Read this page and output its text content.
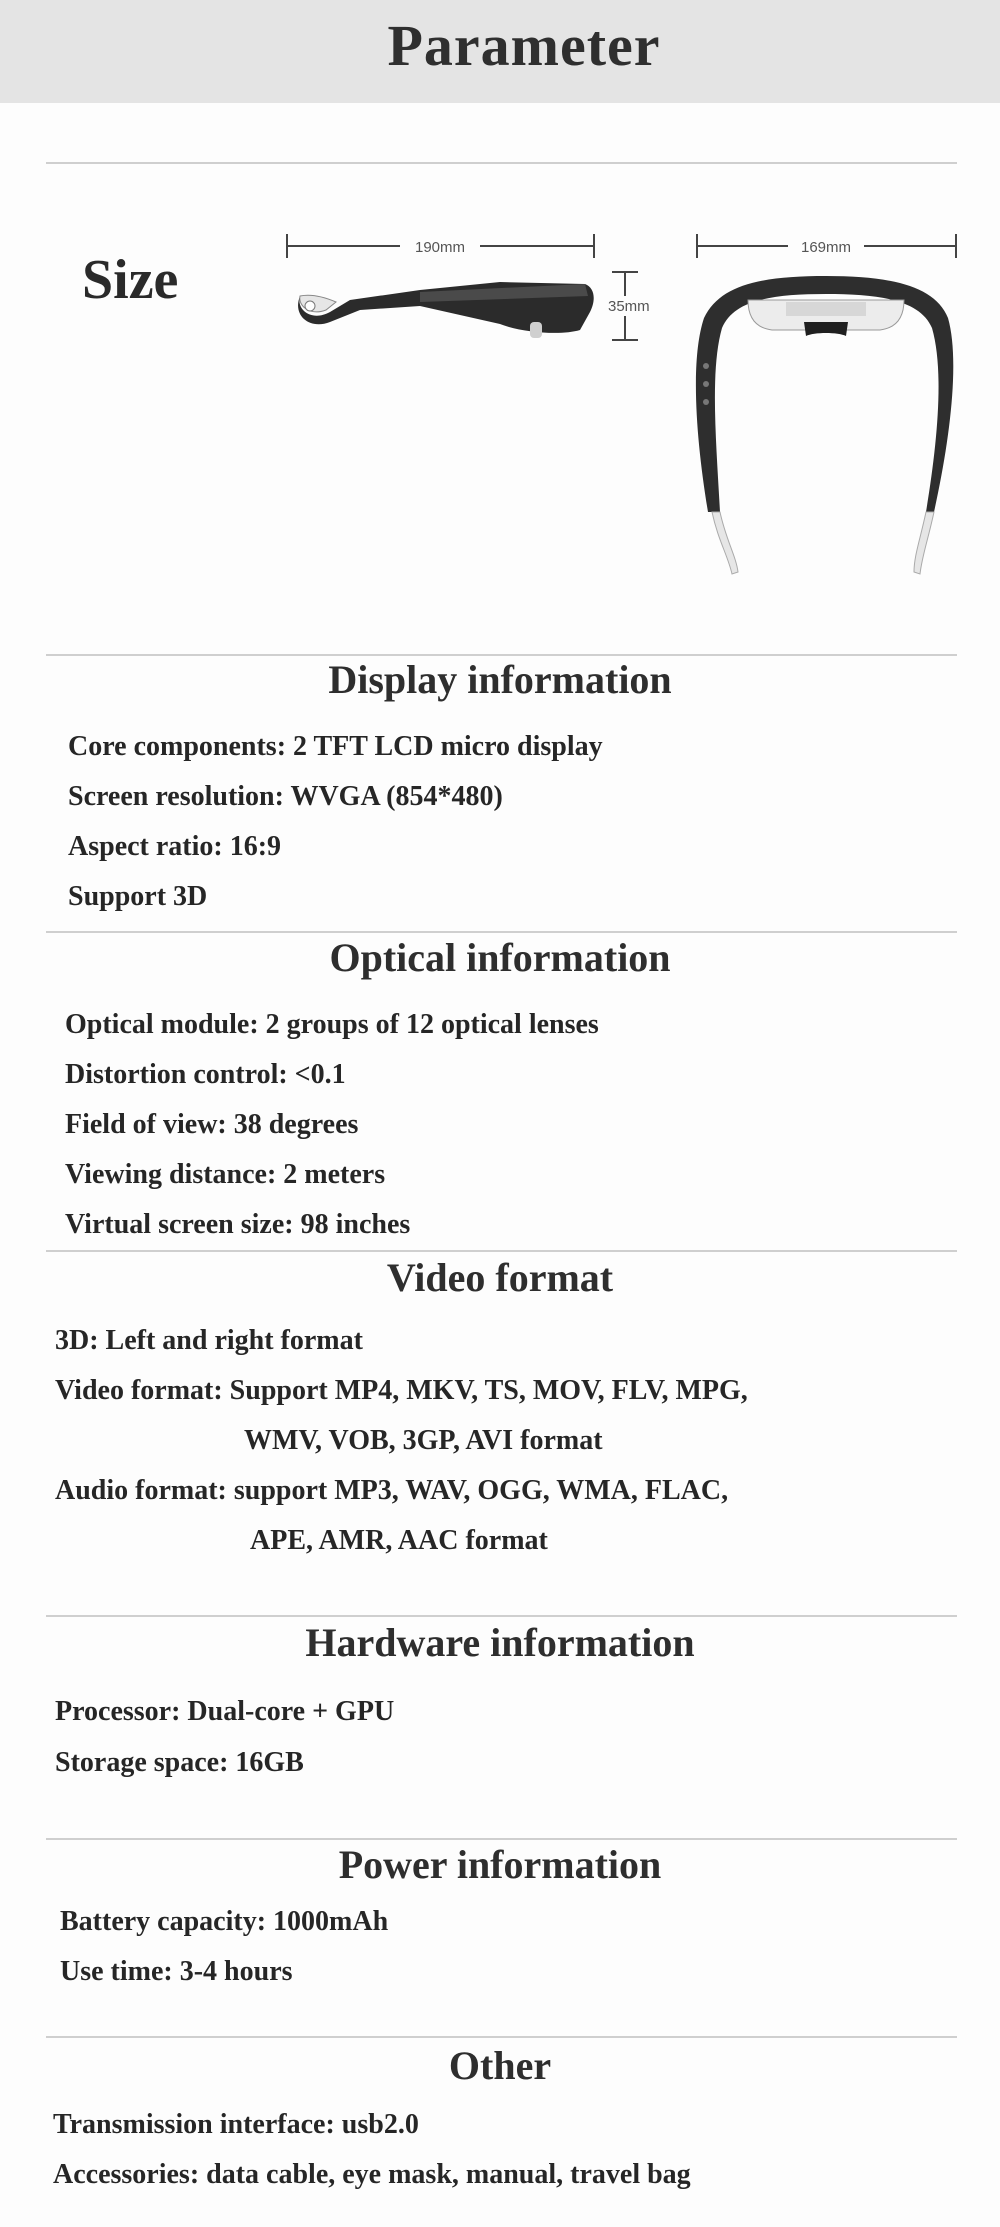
Parameter
Size
190mm
35mm
169mm
Display information
Core components: 2 TFT LCD micro display
Screen resolution: WVGA (854*480)
Aspect ratio: 16:9
Support 3D
Optical information
Optical module: 2 groups of 12 optical lenses
Distortion control: <0.1
Field of view: 38 degrees
Viewing distance: 2 meters
Virtual screen size: 98 inches
Video format
3D: Left and right format
Video format: Support MP4, MKV, TS, MOV, FLV, MPG,
WMV, VOB, 3GP, AVI format
Audio format: support MP3, WAV, OGG, WMA, FLAC,
APE, AMR, AAC format
Hardware information
Processor: Dual-core + GPU
Storage space: 16GB
Power information
Battery capacity: 1000mAh
Use time: 3-4 hours
Other
Transmission interface: usb2.0
Accessories: data cable, eye mask, manual, travel bag
